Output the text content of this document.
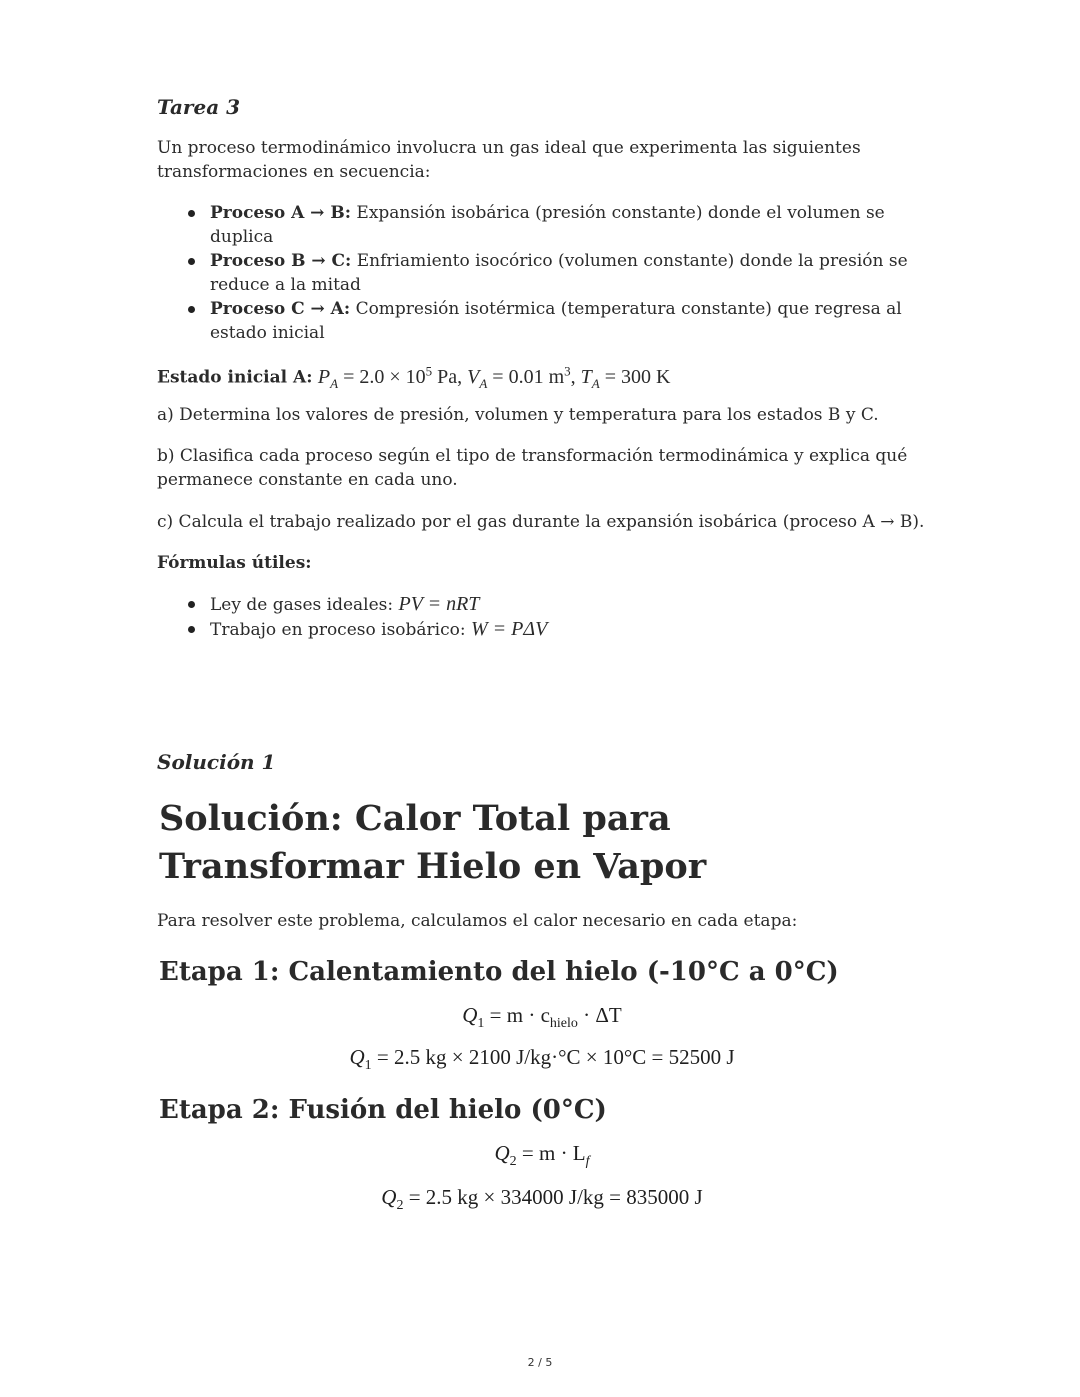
Tarea 3

Un proceso termodinámico involucra un gas ideal que experimenta las siguientes transformaciones en secuencia:

Proceso A → B: Expansión isobárica (presión constante) donde el volumen se duplica
Proceso B → C: Enfriamiento isocórico (volumen constante) donde la presión se reduce a la mitad
Proceso C → A: Compresión isotérmica (temperatura constante) que regresa al estado inicial

Estado inicial A: $P_A = 2.0 \times 10^5$ Pa, $V_A = 0.01$ $m^3$, $T_A = 300$ K

a) Determina los valores de presión, volumen y temperatura para los estados B y C.

b) Clasifica cada proceso según el tipo de transformación termodinámica y explica qué permanece constante en cada uno.

c) Calcula el trabajo realizado por el gas durante la expansión isobárica (proceso A → B).

Fórmulas útiles:

Ley de gases ideales: PV = nRT
Trabajo en proceso isobárico: W = PΔV

Solución 1

Solución: Calor Total para Transformar Hielo en Vapor

Para resolver este problema, calculamos el calor necesario en cada etapa:

Etapa 1: Calentamiento del hielo (-10°C a 0°C)
$Q_1 = m \cdot c_{hielo} \cdot \Delta T$
$Q_1 = 2.5$ kg × 2100 J/kg·°C × 10°C = 52500 J
Etapa 2: Fusión del hielo (0°C)
$Q_2 = m \cdot L_f$
$Q_2 = 2.5$ kg × 334000 J/kg = 835000 J
2 / 5
